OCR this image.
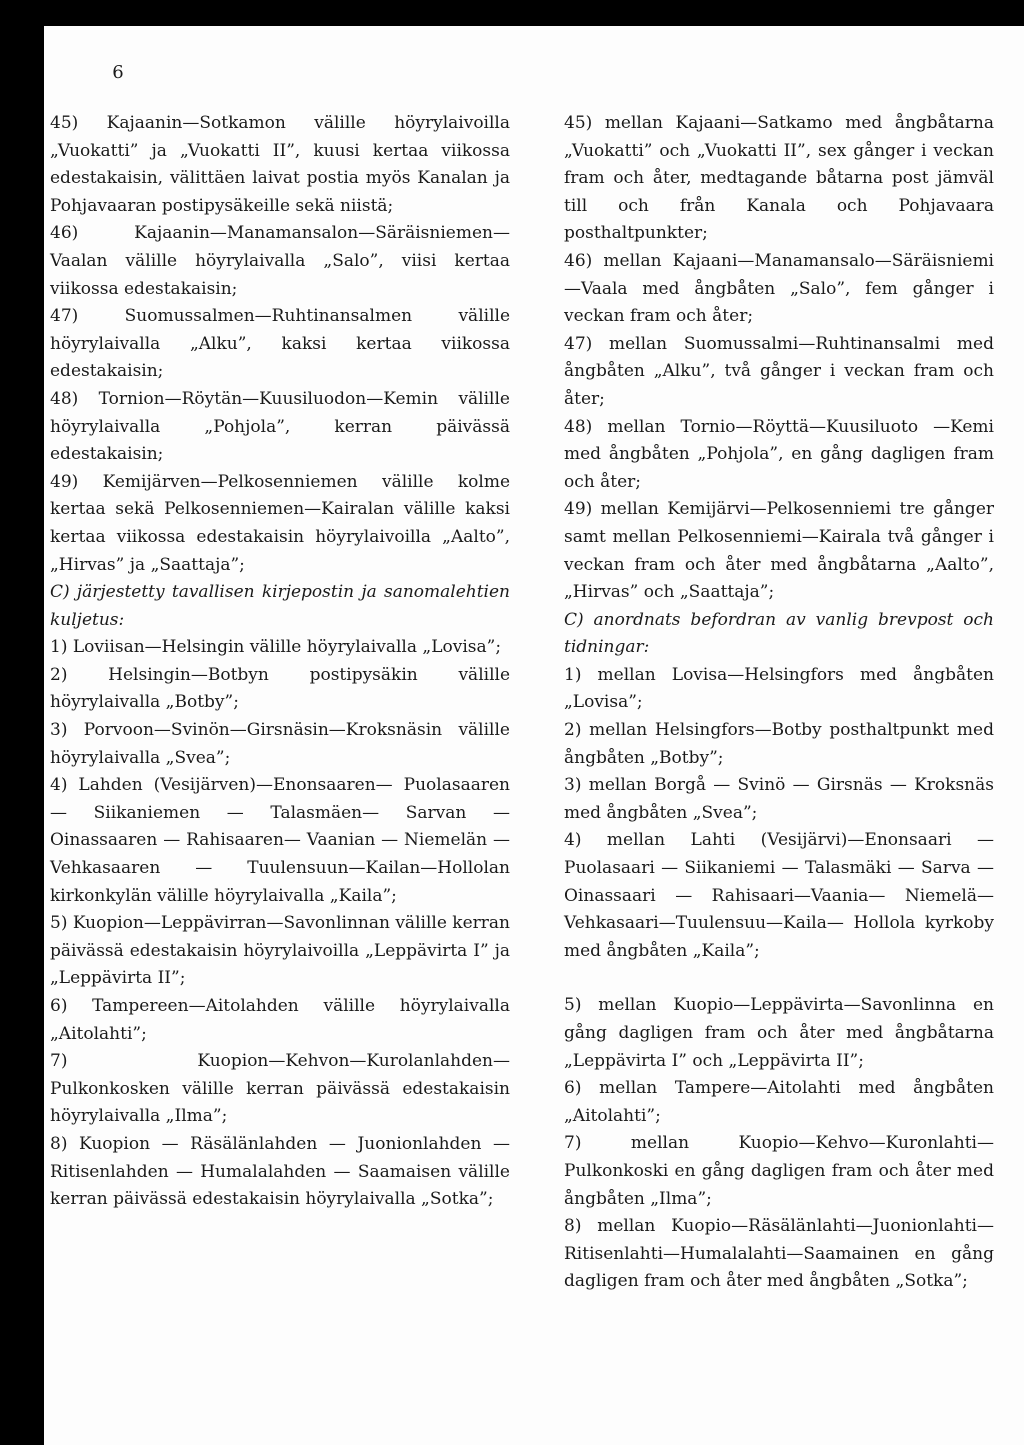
6

45) Kajaanin—Sotkamon välille höyrylaivoilla „Vuokatti” ja „Vuokatti II”, kuusi kertaa viikossa edestakaisin, välittäen laivat postia myös Kanalan ja Pohjavaaran postipysäkeille sekä niistä;

46) Kajaanin—Manamansalon—Säräisniemen—Vaalan välille höyrylaivalla „Salo”, viisi kertaa viikossa edestakaisin;

47) Suomussalmen—Ruhtinansalmen välille höyrylaivalla „Alku”, kaksi kertaa viikossa edestakaisin;

48) Tornion—Röytän—Kuusiluodon—Kemin välille höyrylaivalla „Pohjola”, kerran päivässä edestakaisin;

49) Kemijärven—Pelkosenniemen välille kolme kertaa sekä Pelkosenniemen—Kairalan välille kaksi kertaa viikossa edestakaisin höyrylaivoilla „Aalto”, „Hirvas” ja „Saattaja”;

C) järjestetty tavallisen kirjepostin ja sanomalehtien kuljetus:

1) Loviisan—Helsingin välille höyrylaivalla „Lovisa”;

2) Helsingin—Botbyn postipysäkin välille höyrylaivalla „Botby”;

3) Porvoon—Svinön—Girsnäsin—Kroksnäsin välille höyrylaivalla „Svea”;

4) Lahden (Vesijärven)—Enonsaaren— Puolasaaren — Siikaniemen — Talasmäen— Sarvan — Oinassaaren — Rahisaaren— Vaanian — Niemelän — Vehkasaaren — Tuulensuun—Kailan—Hollolan kirkonkylän välille höyrylaivalla „Kaila”;

5) Kuopion—Leppävirran—Savonlinnan välille kerran päivässä edestakaisin höyrylaivoilla „Leppävirta I” ja „Leppävirta II”;

6) Tampereen—Aitolahden välille höyrylaivalla „Aitolahti”;

7) Kuopion—Kehvon—Kurolanlahden— Pulkonkosken välille kerran päivässä edestakaisin höyrylaivalla „Ilma”;

8) Kuopion — Räsälänlahden — Juonionlahden — Ritisenlahden — Humalalahden — Saamaisen välille kerran päivässä edestakaisin höyrylaivalla „Sotka”;

45) mellan Kajaani—Satkamo med ångbåtarna „Vuokatti” och „Vuokatti II”, sex gånger i veckan fram och åter, medtagande båtarna post jämväl till och från Kanala och Pohjavaara posthaltpunkter;

46) mellan Kajaani—Manamansalo—Säräisniemi—Vaala med ångbåten „Salo”, fem gånger i veckan fram och åter;

47) mellan Suomussalmi—Ruhtinansalmi med ångbåten „Alku”, två gånger i veckan fram och åter;

48) mellan Tornio—Röyttä—Kuusiluoto —Kemi med ångbåten „Pohjola”, en gång dagligen fram och åter;

49) mellan Kemijärvi—Pelkosenniemi tre gånger samt mellan Pelkosenniemi—Kairala två gånger i veckan fram och åter med ångbåtarna „Aalto”, „Hirvas” och „Saattaja”;

C) anordnats befordran av vanlig brevpost och tidningar:

1) mellan Lovisa—Helsingfors med ångbåten „Lovisa”;

2) mellan Helsingfors—Botby posthaltpunkt med ångbåten „Botby”;

3) mellan Borgå — Svinö — Girsnäs — Kroksnäs med ångbåten „Svea”;

4) mellan Lahti (Vesijärvi)—Enonsaari — Puolasaari — Siikaniemi — Talasmäki — Sarva — Oinassaari — Rahisaari—Vaania— Niemelä—Vehkasaari—Tuulensuu—Kaila— Hollola kyrkoby med ångbåten „Kaila”;

5) mellan Kuopio—Leppävirta—Savonlinna en gång dagligen fram och åter med ångbåtarna „Leppävirta I” och „Leppävirta II”;

6) mellan Tampere—Aitolahti med ångbåten „Aitolahti”;

7) mellan Kuopio—Kehvo—Kuronlahti— Pulkonkoski en gång dagligen fram och åter med ångbåten „Ilma”;

8) mellan Kuopio—Räsälänlahti—Juonionlahti—Ritisenlahti—Humalalahti—Saamainen en gång dagligen fram och åter med ångbåten „Sotka”;
